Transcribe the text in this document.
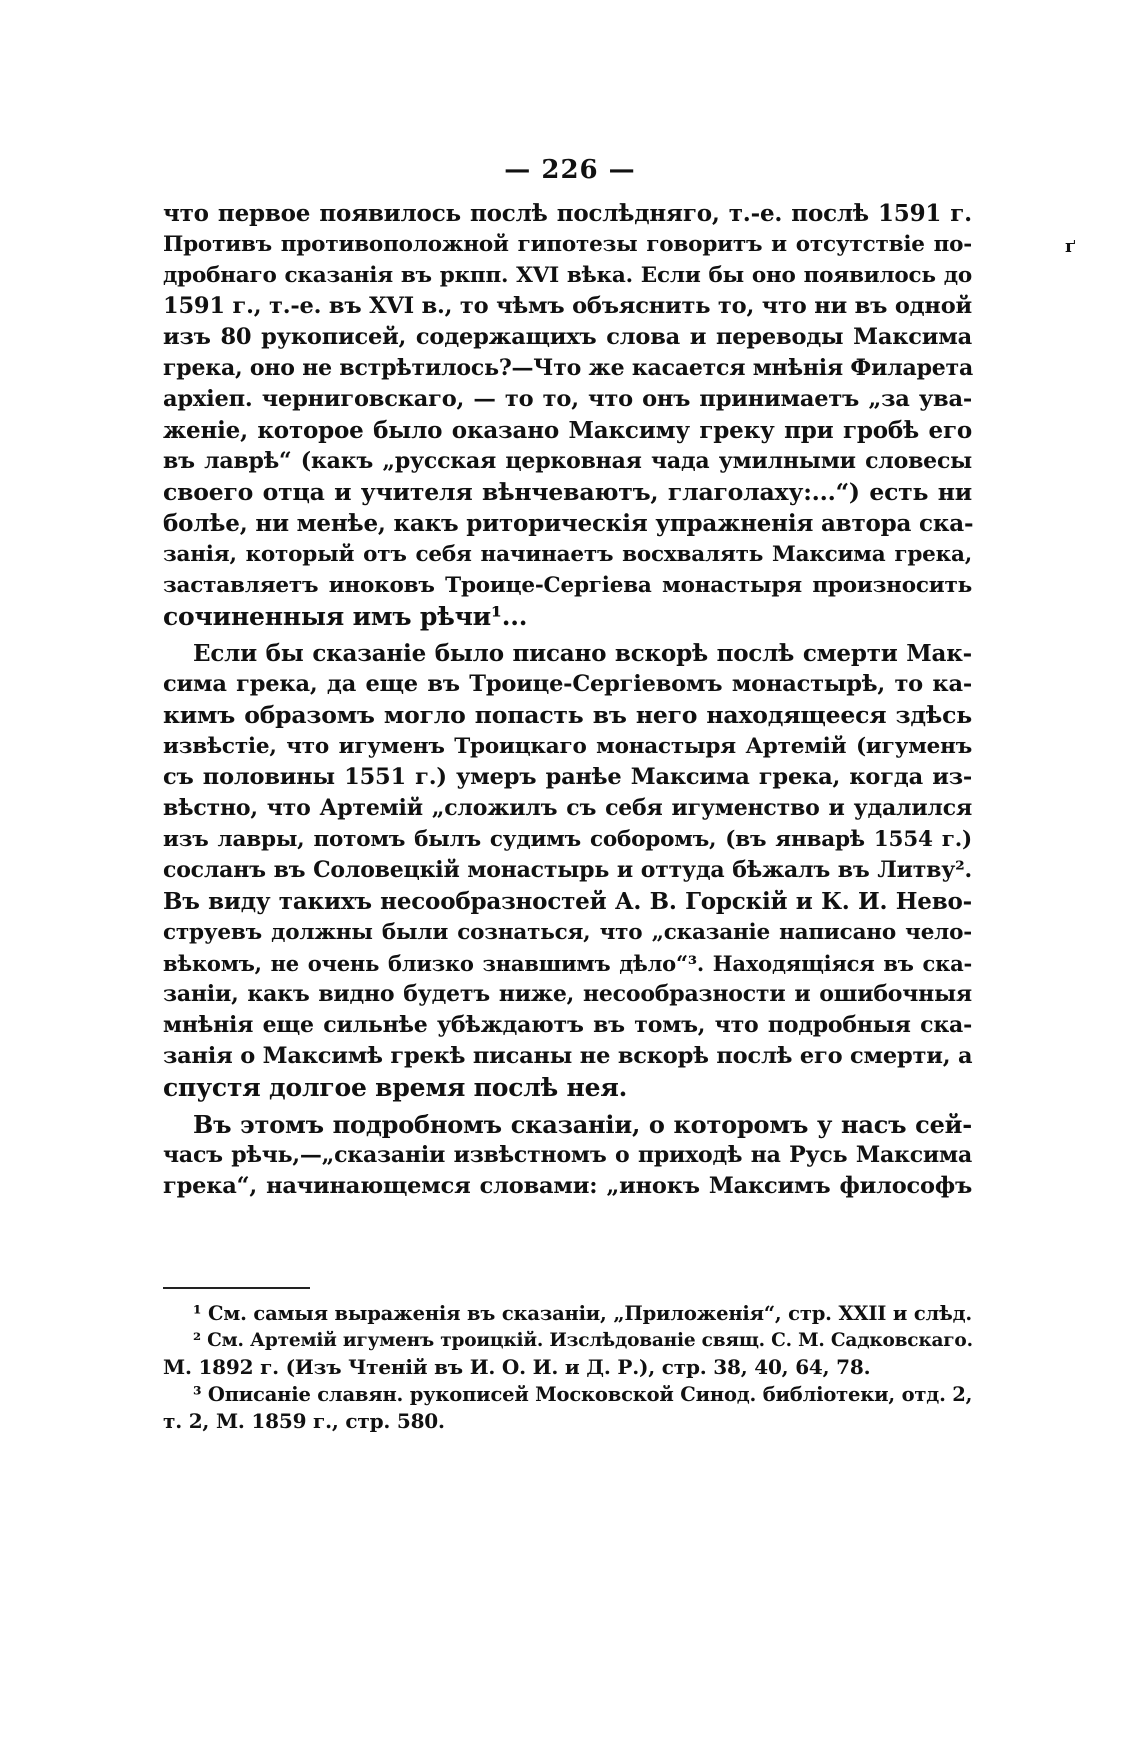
— 226 —
ґ
что первое появилось послѣ послѣдняго, т.-е. послѣ 1591 г.
Противъ противоположной гипотезы говоритъ и отсутствіе по-
дробнаго сказанія въ ркпп. XVI вѣка. Если бы оно появилось до
1591 г., т.-е. въ XVI в., то чѣмъ объяснить то, что ни въ одной
изъ 80 рукописей, содержащихъ слова и переводы Максима
грека, оно не встрѣтилось?—Что же касается мнѣнія Филарета
архіеп. черниговскаго, — то то, что онъ принимаетъ „за ува-
женіе, которое было оказано Максиму греку при гробѣ его
въ лаврѣ“ (какъ „русская церковная чада умилными словесы
своего отца и учителя вѣнчеваютъ, глаголаху:...“) есть ни
болѣе, ни менѣе, какъ риторическія упражненія автора ска-
занія, который отъ себя начинаетъ восхвалять Максима грека,
заставляетъ иноковъ Троице-Сергіева монастыря произносить
сочиненныя имъ рѣчи¹...
Если бы сказаніе было писано вскорѣ послѣ смерти Мак-
сима грека, да еще въ Троице-Сергіевомъ монастырѣ, то ка-
кимъ образомъ могло попасть въ него находящееся здѣсь
извѣстіе, что игуменъ Троицкаго монастыря Артемій (игуменъ
съ половины 1551 г.) умеръ ранѣе Максима грека, когда из-
вѣстно, что Артемій „сложилъ съ себя игуменство и удалился
изъ лавры, потомъ былъ судимъ соборомъ, (въ январѣ 1554 г.)
сосланъ въ Соловецкій монастырь и оттуда бѣжалъ въ Литву².
Въ виду такихъ несообразностей А. В. Горскій и К. И. Нево-
струевъ должны были сознаться, что „сказаніе написано чело-
вѣкомъ, не очень близко знавшимъ дѣло“³. Находящіяся въ ска-
заніи, какъ видно будетъ ниже, несообразности и ошибочныя
мнѣнія еще сильнѣе убѣждаютъ въ томъ, что подробныя ска-
занія о Максимѣ грекѣ писаны не вскорѣ послѣ его смерти, а
спустя долгое время послѣ нея.
Въ этомъ подробномъ сказаніи, о которомъ у насъ сей-
часъ рѣчь,—„сказаніи извѣстномъ о приходѣ на Русь Максима
грека“, начинающемся словами: „инокъ Максимъ философъ
¹ См. самыя выраженія въ сказаніи, „Приложенія“, стр. XXII и слѣд.
² См. Артемій игуменъ троицкій. Изслѣдованіе свящ. С. М. Садковскаго.
М. 1892 г. (Изъ Чтеній въ И. О. И. и Д. Р.), стр. 38, 40, 64, 78.
³ Описаніе славян. рукописей Московской Синод. библіотеки, отд. 2,
т. 2, М. 1859 г., стр. 580.
